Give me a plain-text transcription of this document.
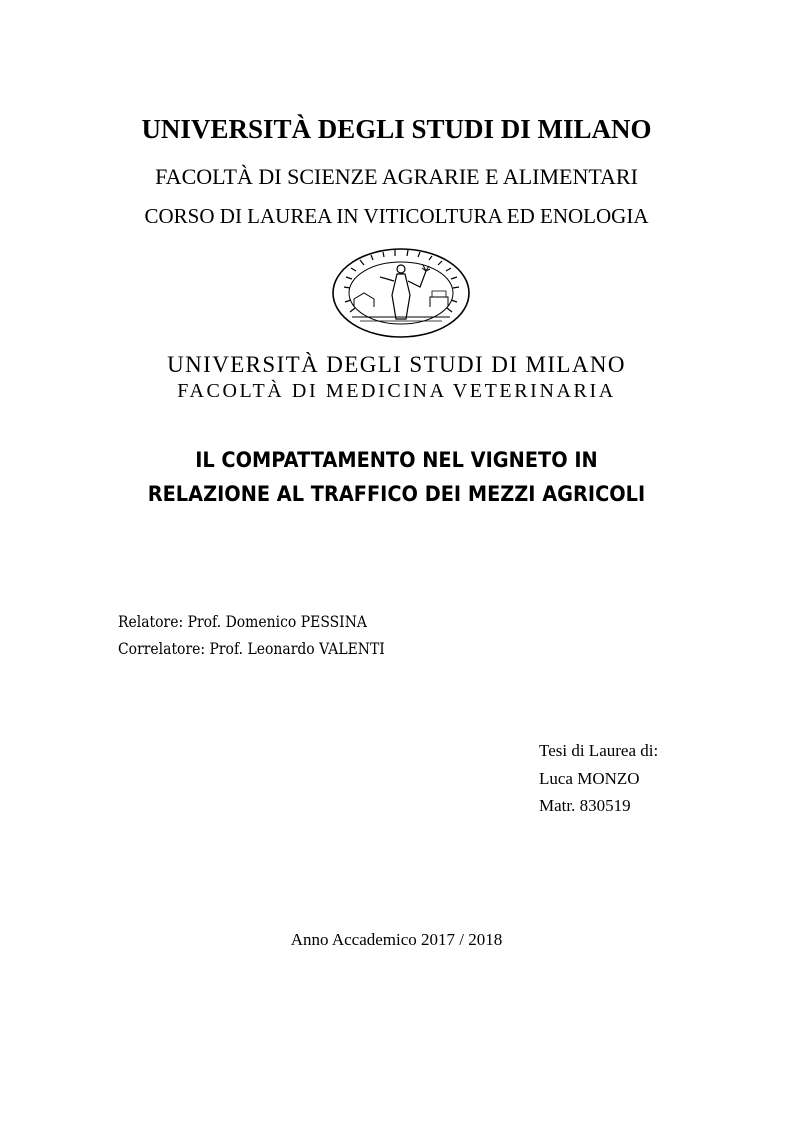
UNIVERSITÀ DEGLI STUDI DI MILANO
FACOLTÀ DI SCIENZE AGRARIE E ALIMENTARI
CORSO DI LAUREA IN VITICOLTURA ED ENOLOGIA
UNIVERSITÀ DEGLI STUDI DI MILANO
FACOLTÀ DI MEDICINA VETERINARIA
IL COMPATTAMENTO NEL VIGNETO IN
RELAZIONE AL TRAFFICO DEI MEZZI AGRICOLI
Relatore: Prof. Domenico PESSINA
Correlatore: Prof. Leonardo VALENTI
Tesi di Laurea di:
Luca MONZO
Matr. 830519
Anno Accademico 2017 / 2018
